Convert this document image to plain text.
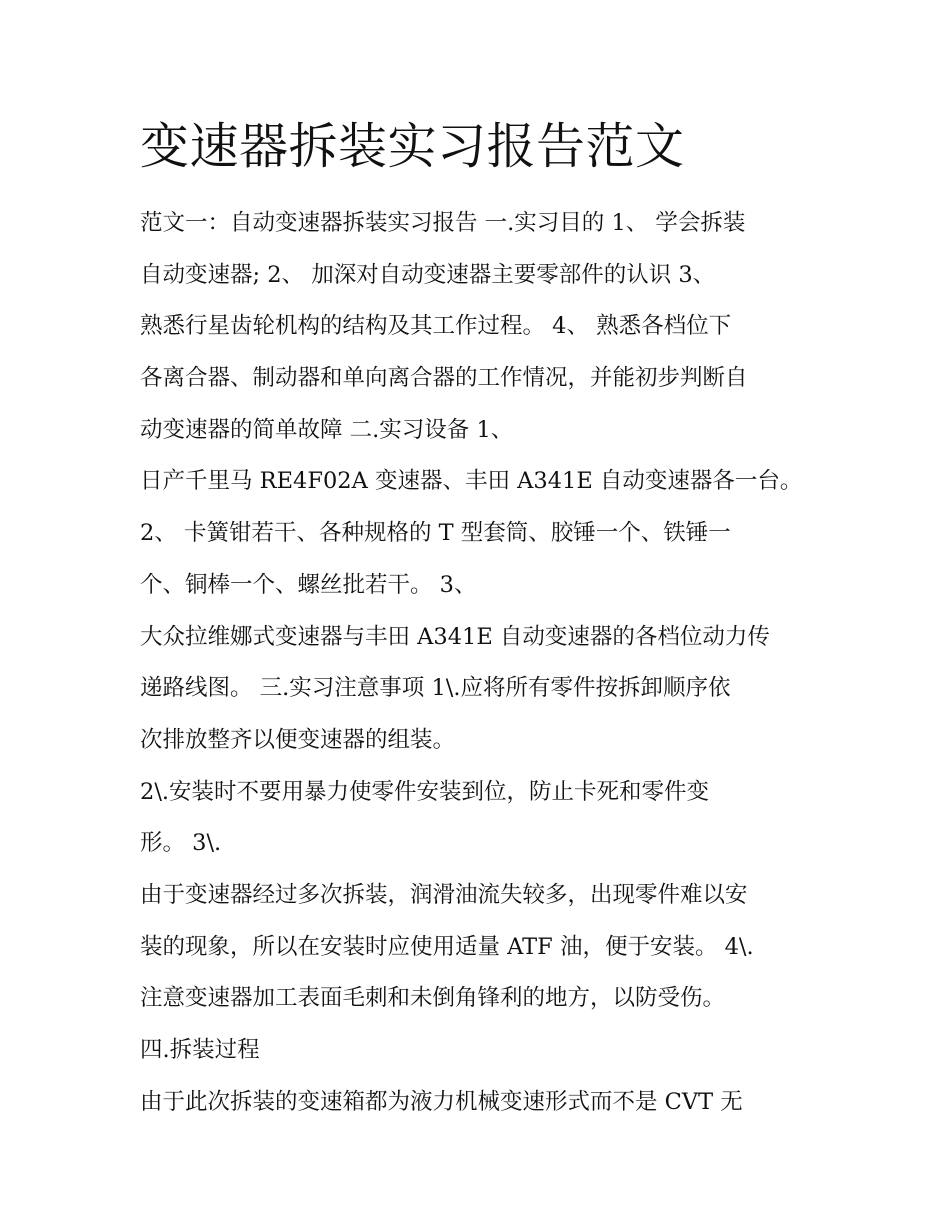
变速器拆装实习报告范文
范文一：自动变速器拆装实习报告 一.实习目的 1、 学会拆装
自动变速器; 2、 加深对自动变速器主要零部件的认识 3、
熟悉行星齿轮机构的结构及其工作过程。 4、 熟悉各档位下
各离合器、制动器和单向离合器的工作情况，并能初步判断自
动变速器的简单故障 二.实习设备 1、
日产千里马 RE4F02A 变速器、丰田 A341E 自动变速器各一台。
2、 卡簧钳若干、各种规格的 T 型套筒、胶锤一个、铁锤一
个、铜棒一个、螺丝批若干。 3、
大众拉维娜式变速器与丰田 A341E 自动变速器的各档位动力传
递路线图。 三.实习注意事项 1\.应将所有零件按拆卸顺序依
次排放整齐以便变速器的组装。
2\.安装时不要用暴力使零件安装到位，防止卡死和零件变
形。 3\.
由于变速器经过多次拆装，润滑油流失较多，出现零件难以安
装的现象，所以在安装时应使用适量 ATF 油，便于安装。 4\.
注意变速器加工表面毛刺和未倒角锋利的地方，以防受伤。
四.拆装过程
由于此次拆装的变速箱都为液力机械变速形式而不是 CVT 无
